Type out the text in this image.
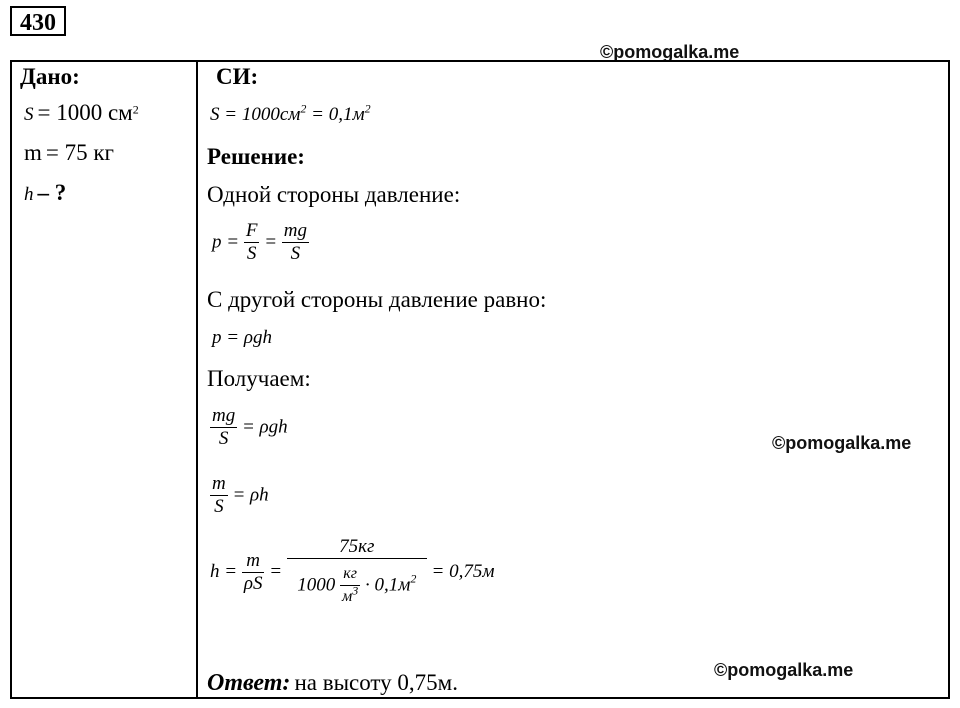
430
©pomogalka.me
©pomogalka.me
©pomogalka.me
Дано:
S = 1000 $см^2$
m = 75 кг
h – ?
СИ:
$S = 1000см^2 = 0,1м^2$
Решение:
Одной стороны давление:
$p = \frac{F}{S} = \frac{mg}{S}$
С другой стороны давление равно:
p = ρgh
Получаем:
$\frac{mg}{S} = \rho gh$
$\frac{m}{S} = \rho h$
$h = \frac{m}{\rho S} = \frac{75кг}{1000 \frac{кг}{м^3} \cdot 0,1м^2} = 0,75м$
Ответ: на высоту 0,75м.
